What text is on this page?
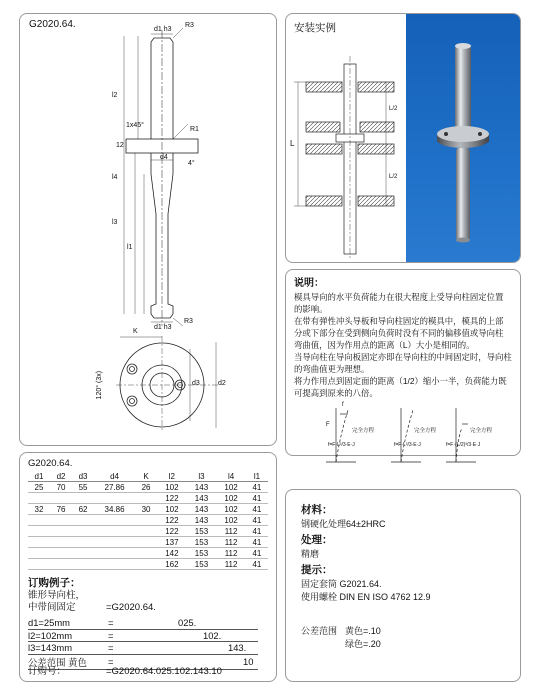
G2020.64.	d1 h3
R3
l2
1x45°
R1
12
d4
4°
l4
l3
l1
d1 h3
R3
K
120° (3x)	d3	d2
安装实例
L
L/2
L/2
说明：
模具导向的水平负荷能力在很大程度上受导向柱固定位置
的影响。
在带有弹性冲头导板和导向柱固定的模具中，模具的上部
分或下部分在受到侧向负荷时没有不同的偏移值或导向柱
弯曲值，因为作用点的距离（L）大小是相同的。
当导向柱在导向板固定亦即在导向柱的中间固定时，导向柱
的弯曲值更为理想。
将力作用点到固定面的距离（1/2）缩小一半，负荷能力既
可提高到原来的八倍。
F
f
完全方程	完全方程	完全方程
f=F·L³/3·E·J	f=F·L³/3·E·J	f=F·(L/2)³/3·E·J
G2020.64.
d1	d2	d3	d4	K	l2	l3	l4	l1
25	70	55	27.86	26	102	143	102	41
					122	143	102	41
32	76	62	34.86	30	102	143	102	41
					122	143	102	41
					122	153	112	41
					137	153	112	41
					142	153	112	41
					162	153	112	41
订购例子：
锥形导向柱，
中带间固定	=G2020.64.
d1=25mm	=	025.
l2=102mm	=	102.
l3=143mm	=	143.
公差范围 黄色	=	10
订购号：	=G2020.64.025.102.143.10
材料：
钢硬化处理64±2HRC
处理：
精磨
提示：
固定套筒 G2021.64.
使用螺栓 DIN EN ISO 4762 12.9
公差范围 黄色=.10
绿色=.20
